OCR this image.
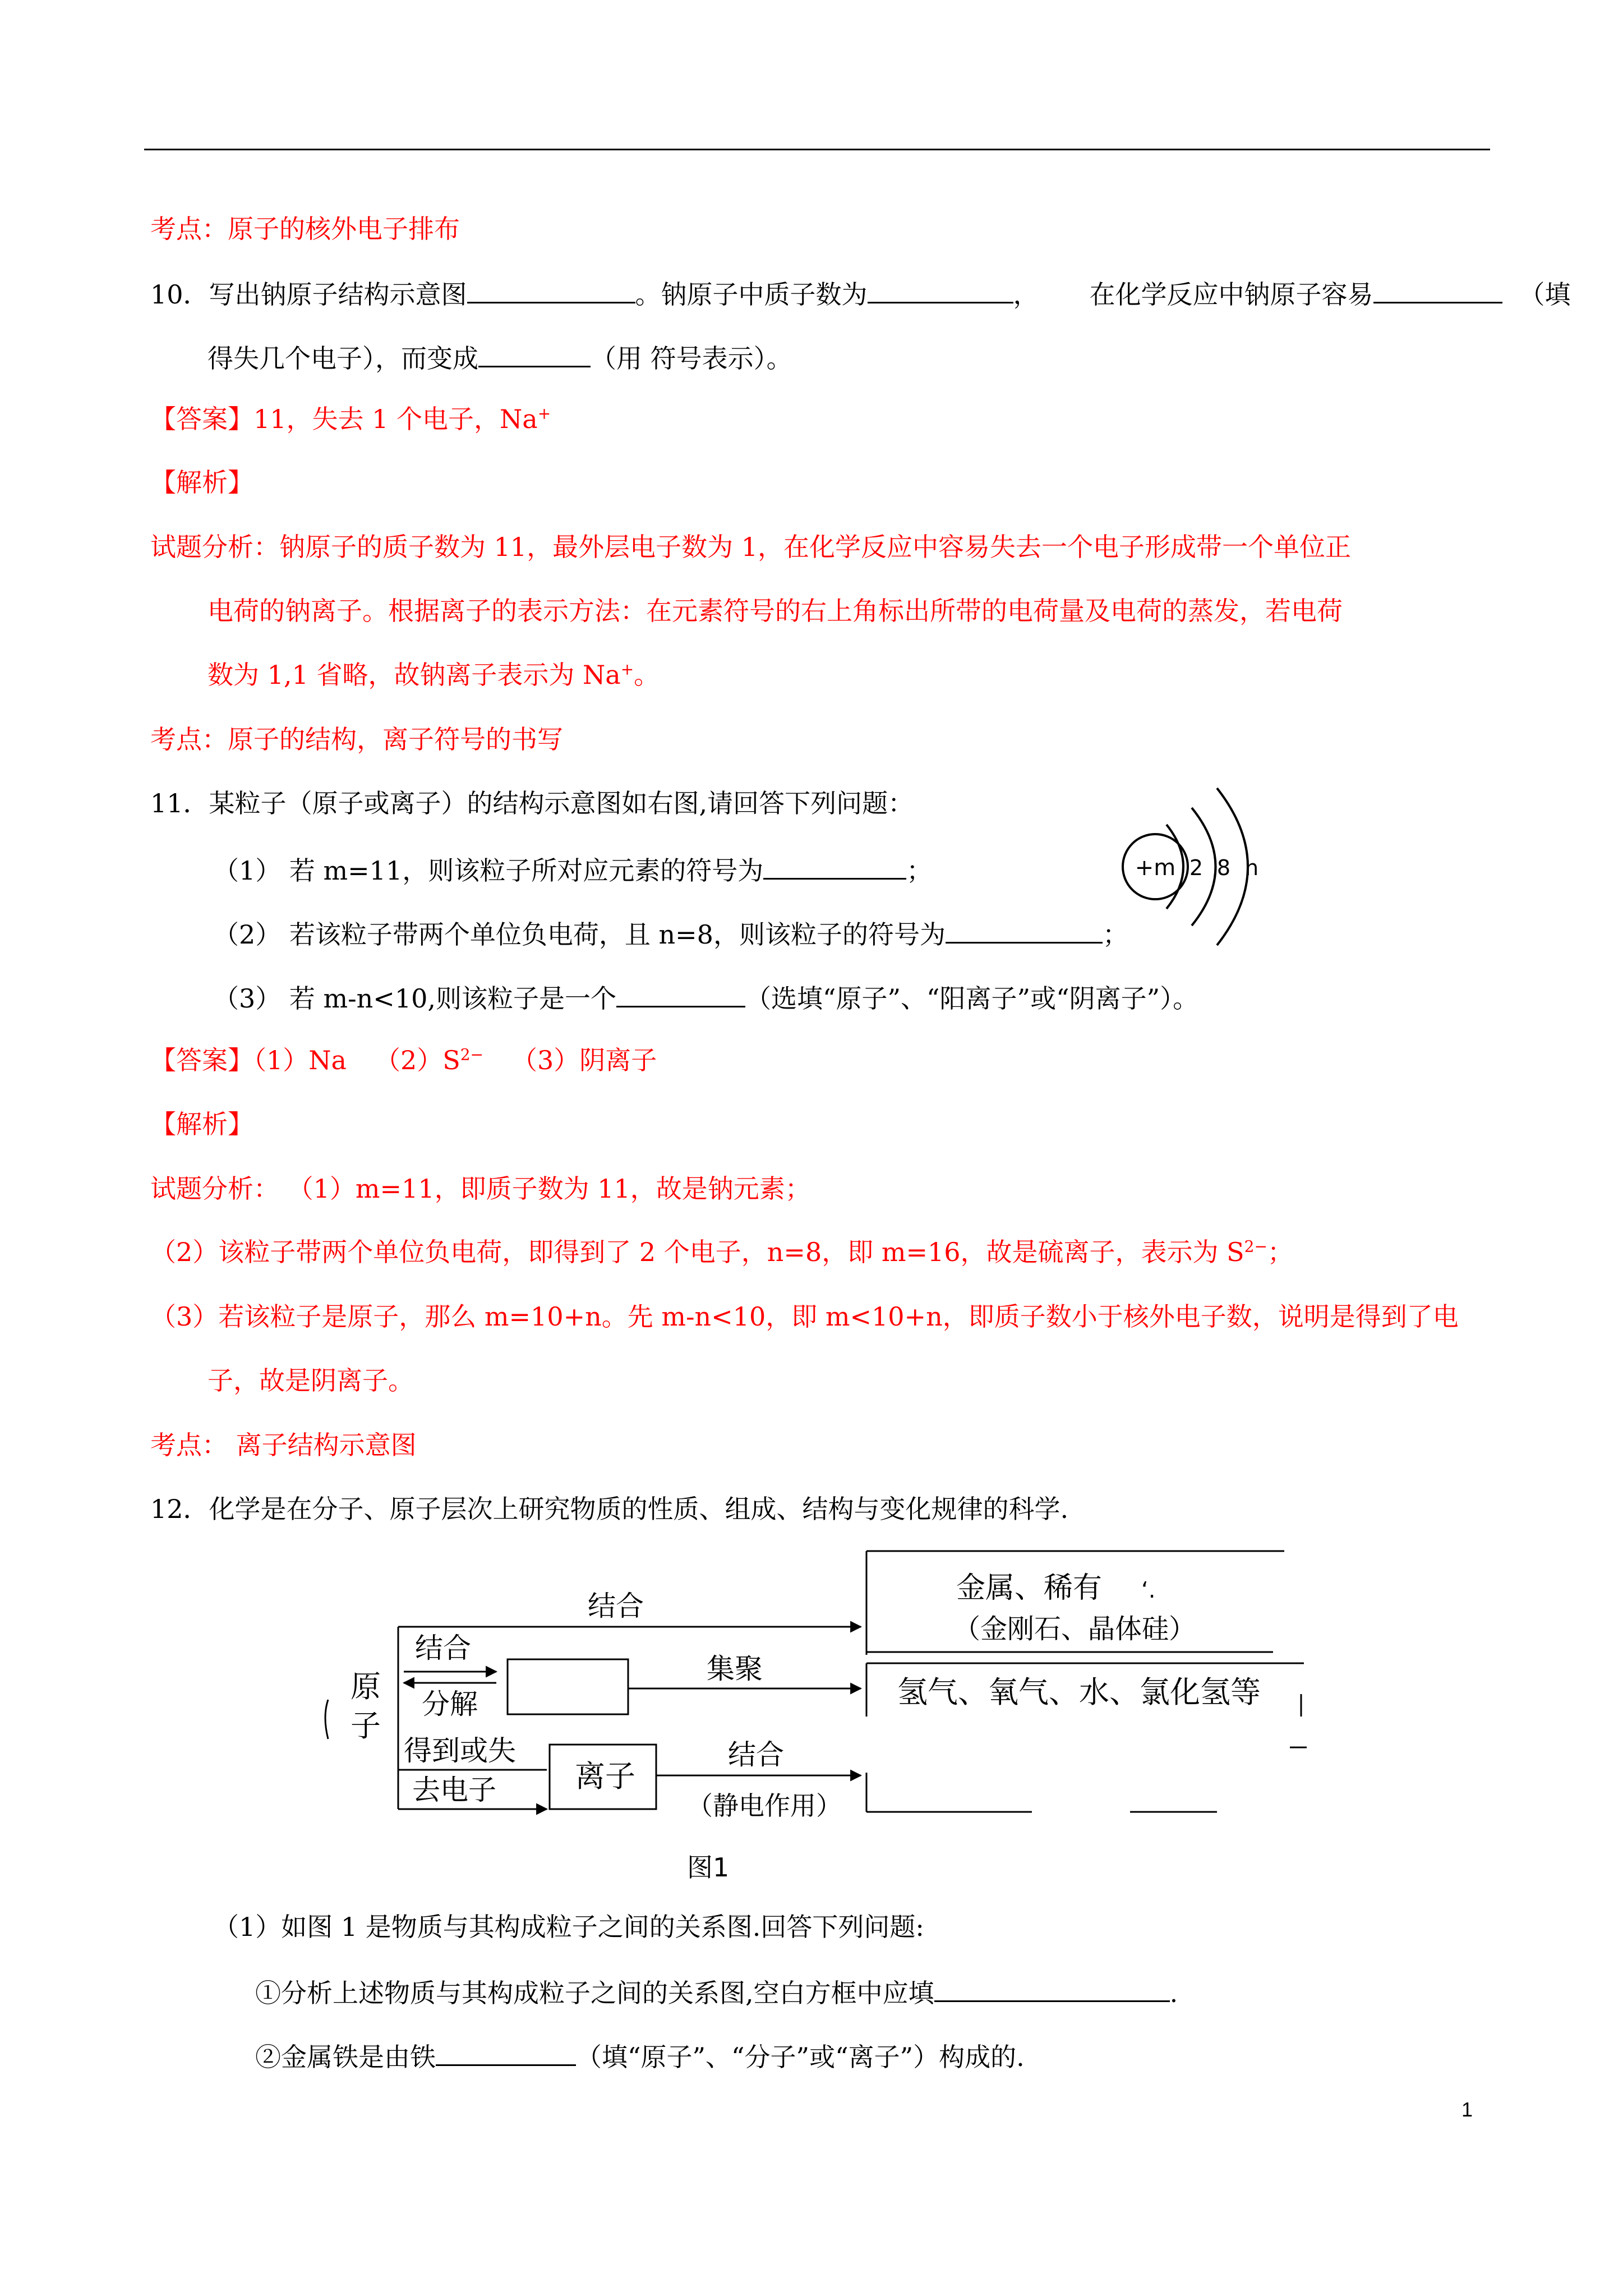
考点：原子的核外电子排布
10．写出钠原子结构示意图	。钠原子中质子数为	， 在化学反应中钠原子容易	（填
得失几个电子），而变成	（用 符号表示）。
【答案】11，失去 1 个电子，Na+
【解析】
试题分析：钠原子的质子数为 11，最外层电子数为 1，在化学反应中容易失去一个电子形成带一个单位正
电荷的钠离子。根据离子的表示方法：在元素符号的右上角标出所带的电荷量及电荷的蒸发，若电荷
数为 1,1 省略，故钠离子表示为 Na+。
考点：原子的结构，离子符号的书写
11．某粒子（原子或离子）的结构示意图如右图,请回答下列问题：
（1） 若 m=11，则该粒子所对应元素的符号为	；
（2） 若该粒子带两个单位负电荷，且 n=8，则该粒子的符号为	；
（3） 若 m-n<10,则该粒子是一个	（选填“原子”、“阳离子”或“阴离子”）。
+m 2 8 n
【答案】（1）Na $(2)S^{2-}$ （3）阴离子
【解析】
试题分析： （1）m=11，即质子数为 11，故是钠元素；
（2）该粒子带两个单位负电荷，即得到了 2 个电子，n=8，即 m=16，故是硫离子，表示为 $S^{2-}$；
（3）若该粒子是原子，那么 m=10+n。先 m-n<10，即 m<10+n，即质子数小于核外电子数，说明是得到了电
子，故是阴离子。
考点： 离子结构示意图
12．化学是在分子、原子层次上研究物质的性质、组成、结构与变化规律的科学.
原
子
结合
结合
分解
集聚
得到或失
去电子	离子
结合
（静电作用）
金属、稀有 ‘.
（金刚石、晶体硅）
氢气、氧气、水、氯化氢等
图1
（1）如图 1 是物质与其构成粒子之间的关系图.回答下列问题:
①分析上述物质与其构成粒子之间的关系图,空白方框中应填	.
②金属铁是由铁	（填“原子”、“分子”或“离子”）构成的.
1
